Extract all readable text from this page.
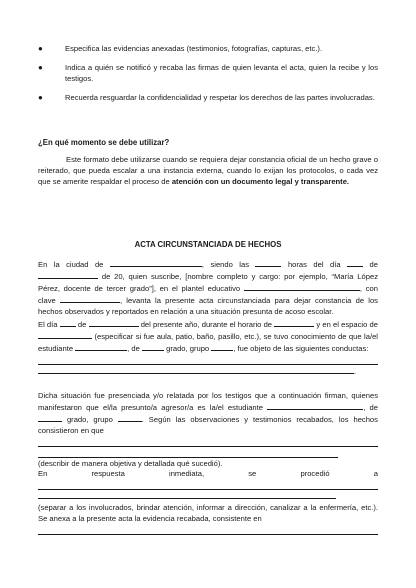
●	Especifica las evidencias anexadas (testimonios, fotografías, capturas, etc.).
●	Indica a quién se notificó y recaba las firmas de quien levanta el acta, quien la recibe y los testigos.
●	Recuerda resguardar la confidencialidad y respetar los derechos de las partes involucradas.
¿En qué momento se debe utilizar?
Este formato debe utilizarse cuando se requiera dejar constancia oficial de un hecho grave o reiterado, que pueda escalar a una instancia externa, cuando lo exijan los protocolos, o cada vez que se amerite respaldar el proceso de atención con un documento legal y transparente.
ACTA CIRCUNSTANCIADA DE HECHOS
En la ciudad de	, siendo las	horas del día	de  de 20, quien suscribe, [nombre completo y cargo: por ejemplo, “María López Pérez, docente de tercer grado”], en el plantel educativo	, con clave	, levanta la presente acta circunstanciada para dejar constancia de los hechos observados y reportados en relación a una situación presunta de acoso escolar.
El día	de	del presente año, durante el horario de	y en el espacio de  (especificar si fue aula, patio, baño, pasillo, etc.), se tuvo conocimiento de que la/el estudiante	, de	grado, grupo	, fue objeto de las siguientes conductas:
.
Dicha situación fue presenciada y/o relatada por los testigos que a continuación firman, quienes manifestaron que el/la presunto/a agresor/a es la/el estudiante	, de  grado, grupo	. Según las observaciones y testimonios recabados, los hechos consistieron en que
(describir de manera objetiva y detallada qué sucedió).
En respuesta inmediata, se procedió a
(separar a los involucrados, brindar atención, informar a dirección, canalizar a la enfermería, etc.). Se anexa a la presente acta la evidencia recabada, consistente en
